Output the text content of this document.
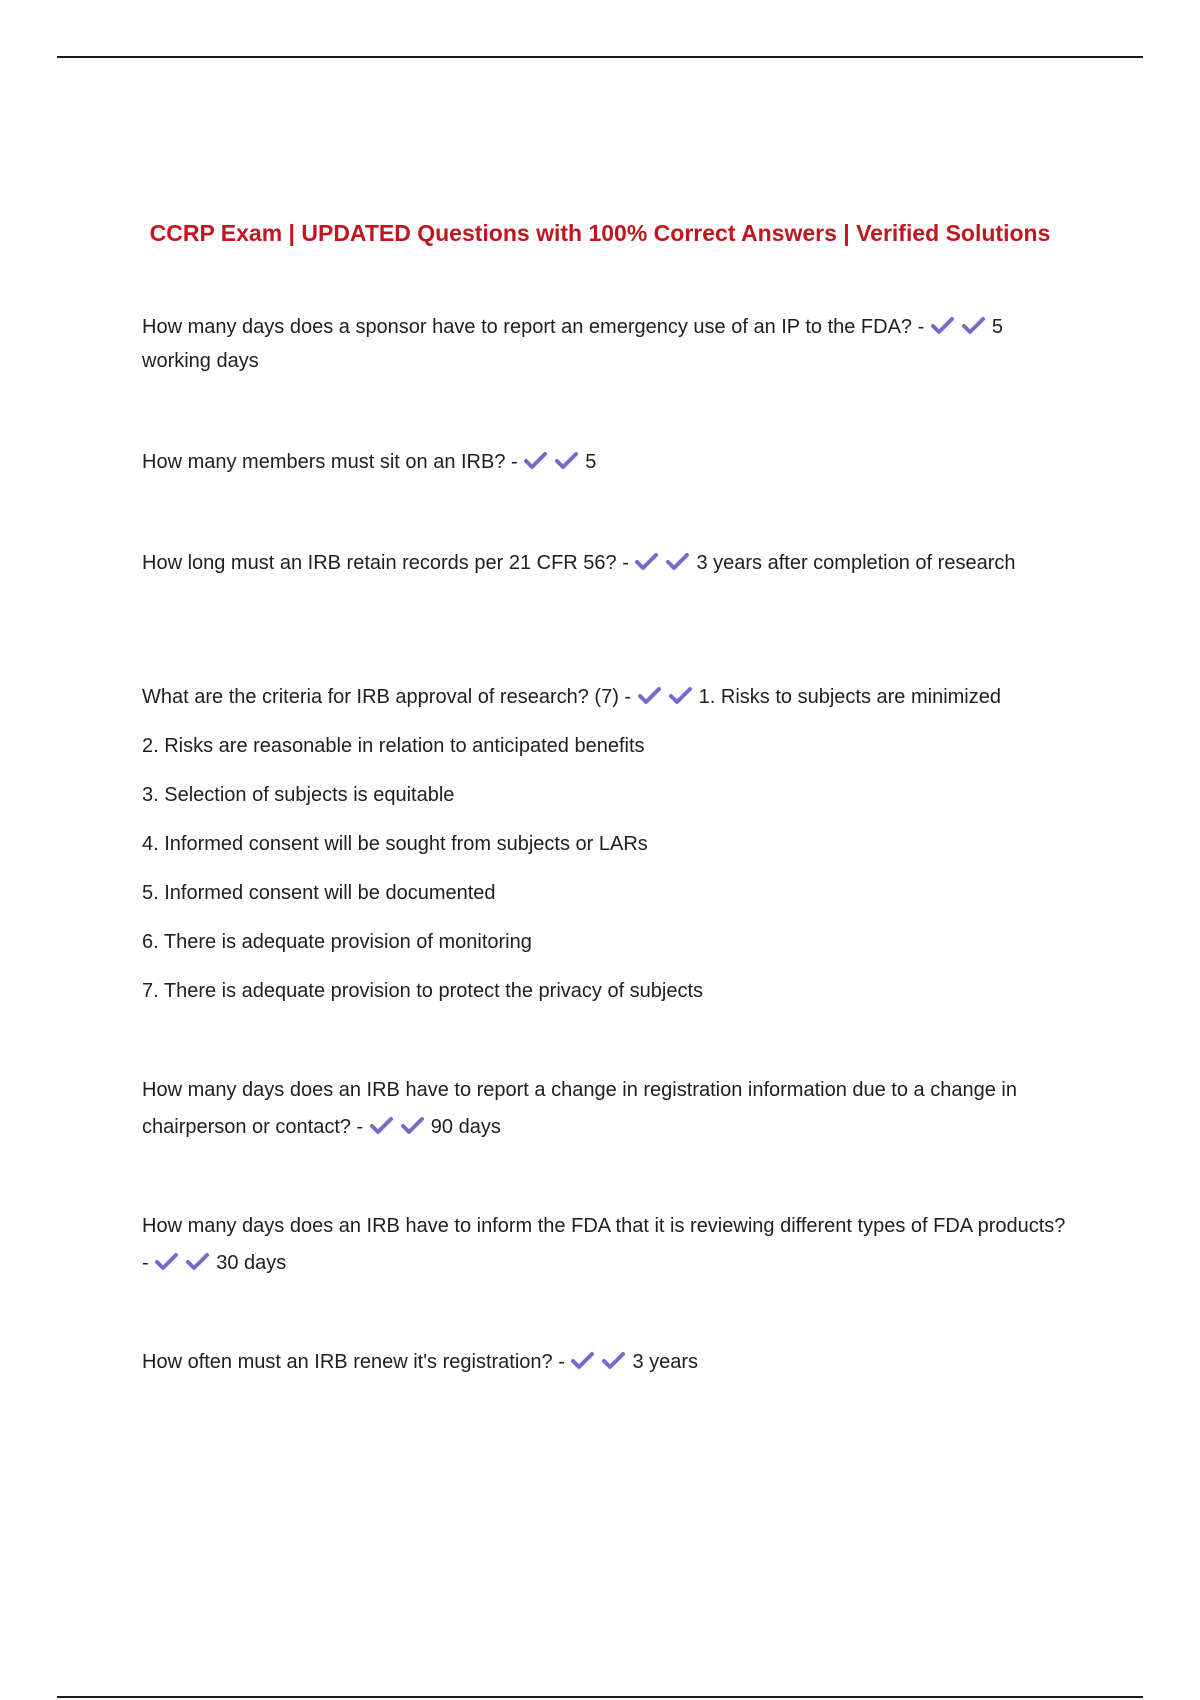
CCRP Exam | UPDATED Questions with 100% Correct Answers | Verified Solutions
How many days does a sponsor have to report an emergency use of an IP to the FDA? -	5 working days
How many members must sit on an IRB? -	5
How long must an IRB retain records per 21 CFR 56? -	3 years after completion of research
What are the criteria for IRB approval of research? (7) -	1. Risks to subjects are minimized
2. Risks are reasonable in relation to anticipated benefits
3. Selection of subjects is equitable
4. Informed consent will be sought from subjects or LARs
5. Informed consent will be documented
6. There is adequate provision of monitoring
7. There is adequate provision to protect the privacy of subjects
How many days does an IRB have to report a change in registration information due to a change in chairperson or contact? -	90 days
How many days does an IRB have to inform the FDA that it is reviewing different types of FDA products? -	30 days
How often must an IRB renew it's registration? -	3 years
